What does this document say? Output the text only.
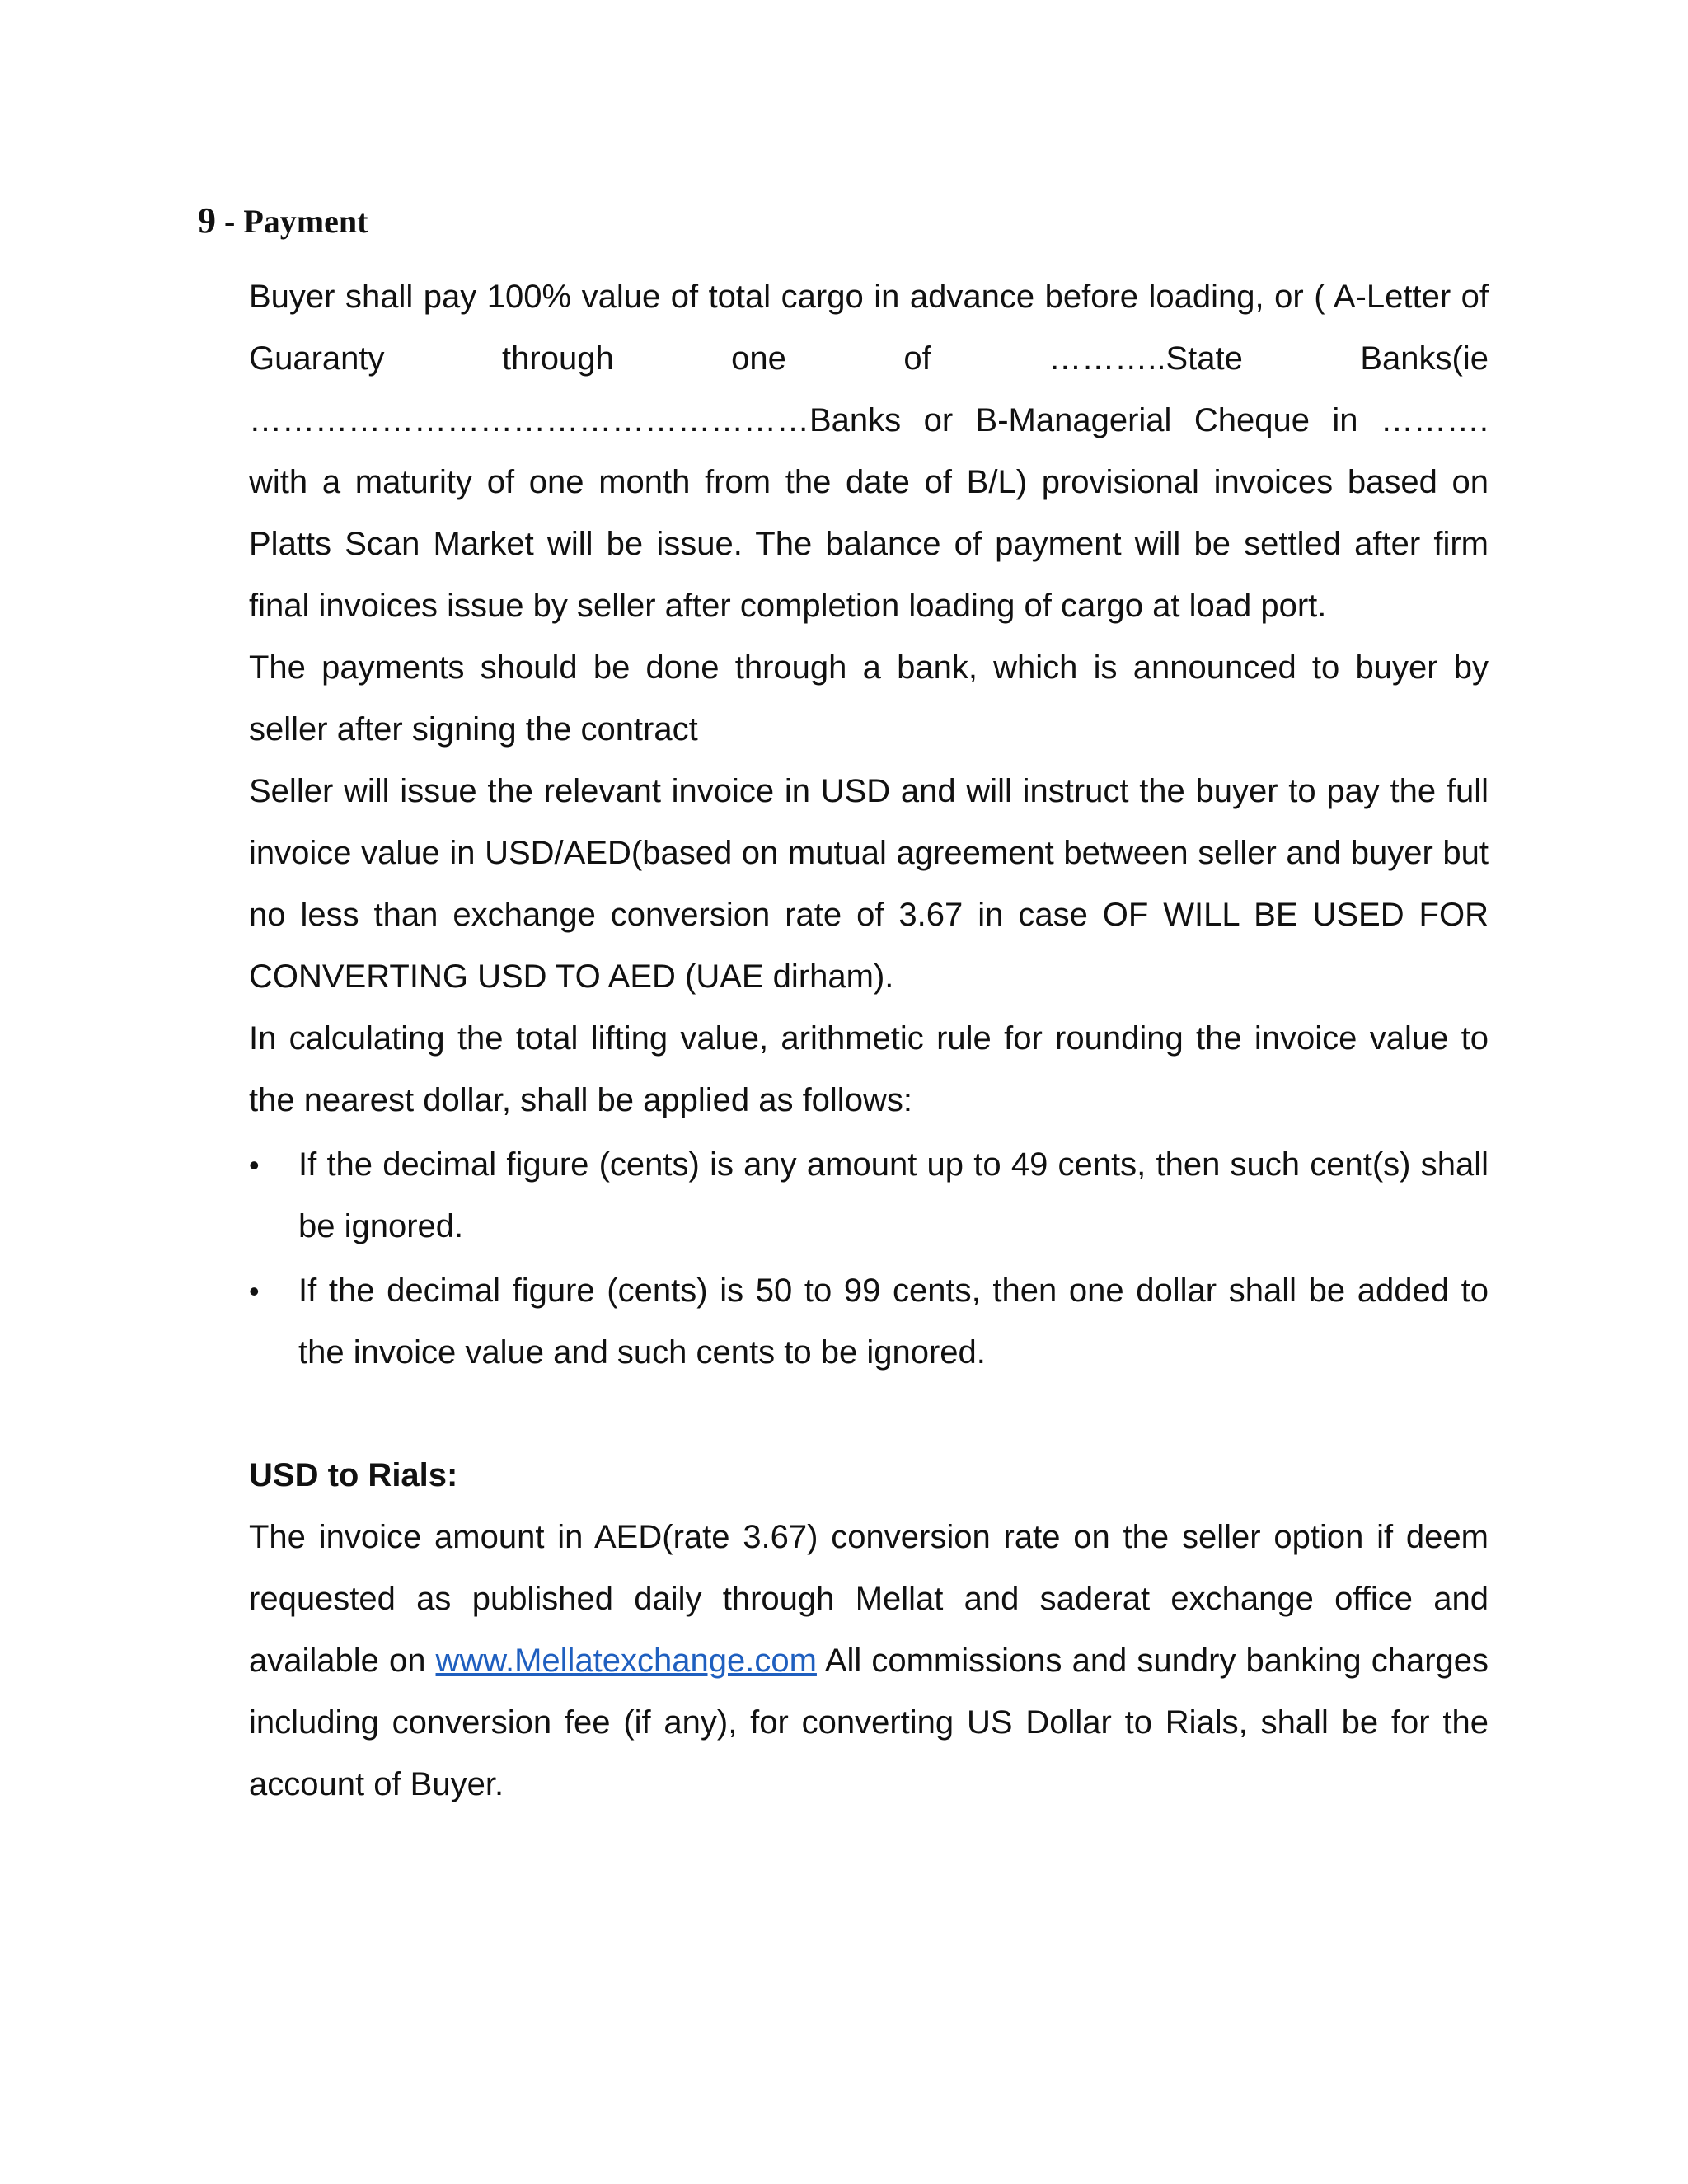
9 - Payment

Buyer shall pay 100% value of total cargo in advance before loading, or ( A-Letter of Guaranty through one of ………..State Banks(ie ……………………………………………Banks or B-Managerial Cheque in ………. with a maturity of one month from the date of B/L) provisional invoices based on Platts Scan Market will be issue. The balance of payment will be settled after firm final invoices issue by seller after completion loading of cargo at load port.

The payments should be done through a bank, which is announced to buyer by seller after signing the contract

Seller will issue the relevant invoice in USD and will instruct the buyer to pay the full invoice value in USD/AED(based on mutual agreement between seller and buyer but no less than exchange conversion rate of 3.67 in case OF WILL BE USED FOR CONVERTING USD TO AED (UAE dirham).

In calculating the total lifting value, arithmetic rule for rounding the invoice value to the nearest dollar, shall be applied as follows:

•	If the decimal figure (cents) is any amount up to 49 cents, then such cent(s) shall be ignored.
•	If the decimal figure (cents) is 50 to 99 cents, then one dollar shall be added to the invoice value and such cents to be ignored.

USD to Rials:

The invoice amount in AED(rate 3.67) conversion rate on the seller option if deem requested as published daily through Mellat and saderat exchange office and available on www.Mellatexchange.com All commissions and sundry banking charges including conversion fee (if any), for converting US Dollar to Rials, shall be for the account of Buyer.
